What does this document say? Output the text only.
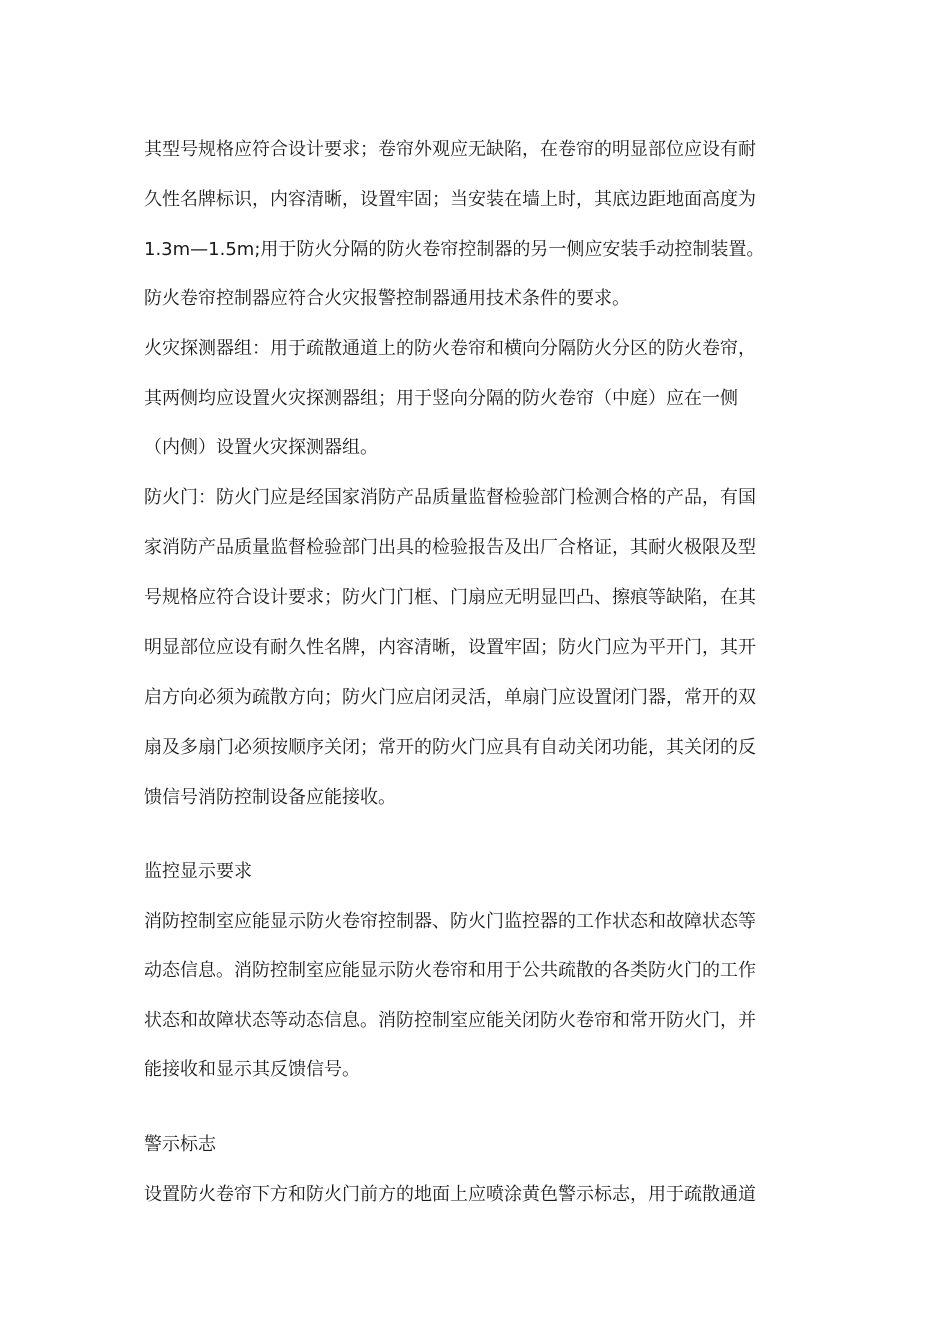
其型号规格应符合设计要求；卷帘外观应无缺陷，在卷帘的明显部位应设有耐
久性名牌标识，内容清晰，设置牢固；当安装在墙上时，其底边距地面高度为
1.3m—1.5m;用于防火分隔的防火卷帘控制器的另一侧应安装手动控制装置。
防火卷帘控制器应符合火灾报警控制器通用技术条件的要求。
火灾探测器组：用于疏散通道上的防火卷帘和横向分隔防火分区的防火卷帘，
其两侧均应设置火灾探测器组；用于竖向分隔的防火卷帘（中庭）应在一侧
（内侧）设置火灾探测器组。
防火门：防火门应是经国家消防产品质量监督检验部门检测合格的产品，有国
家消防产品质量监督检验部门出具的检验报告及出厂合格证，其耐火极限及型
号规格应符合设计要求；防火门门框、门扇应无明显凹凸、擦痕等缺陷，在其
明显部位应设有耐久性名牌，内容清晰，设置牢固；防火门应为平开门，其开
启方向必须为疏散方向；防火门应启闭灵活，单扇门应设置闭门器，常开的双
扇及多扇门必须按顺序关闭；常开的防火门应具有自动关闭功能，其关闭的反
馈信号消防控制设备应能接收。
监控显示要求
消防控制室应能显示防火卷帘控制器、防火门监控器的工作状态和故障状态等
动态信息。消防控制室应能显示防火卷帘和用于公共疏散的各类防火门的工作
状态和故障状态等动态信息。消防控制室应能关闭防火卷帘和常开防火门，并
能接收和显示其反馈信号。
警示标志
设置防火卷帘下方和防火门前方的地面上应喷涂黄色警示标志，用于疏散通道
